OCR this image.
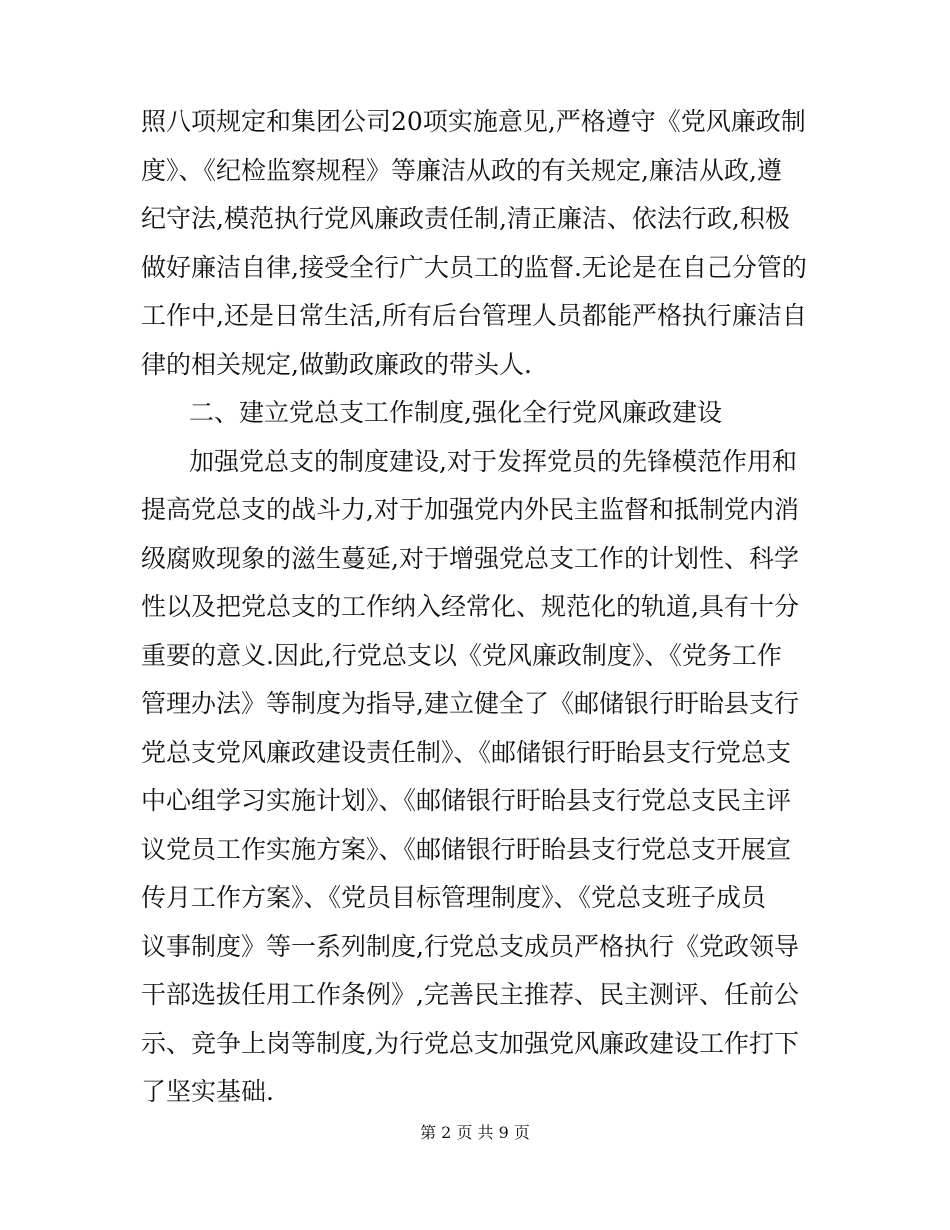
照八项规定和集团公司20项实施意见,严格遵守《党风廉政制
度》、《纪检监察规程》等廉洁从政的有关规定,廉洁从政,遵
纪守法,模范执行党风廉政责任制,清正廉洁、依法行政,积极
做好廉洁自律,接受全行广大员工的监督.无论是在自己分管的
工作中,还是日常生活,所有后台管理人员都能严格执行廉洁自
律的相关规定,做勤政廉政的带头人.
二、建立党总支工作制度,强化全行党风廉政建设
加强党总支的制度建设,对于发挥党员的先锋模范作用和
提高党总支的战斗力,对于加强党内外民主监督和抵制党内消
级腐败现象的滋生蔓延,对于增强党总支工作的计划性、科学
性以及把党总支的工作纳入经常化、规范化的轨道,具有十分
重要的意义.因此,行党总支以《党风廉政制度》、《党务工作
管理办法》等制度为指导,建立健全了《邮储银行盱眙县支行
党总支党风廉政建设责任制》、《邮储银行盱眙县支行党总支
中心组学习实施计划》、《邮储银行盱眙县支行党总支民主评
议党员工作实施方案》、《邮储银行盱眙县支行党总支开展宣
传月工作方案》、《党员目标管理制度》、《党总支班子成员
议事制度》等一系列制度,行党总支成员严格执行《党政领导
干部选拔任用工作条例》,完善民主推荐、民主测评、任前公
示、竞争上岗等制度,为行党总支加强党风廉政建设工作打下
了坚实基础.
第 2 页 共 9 页
